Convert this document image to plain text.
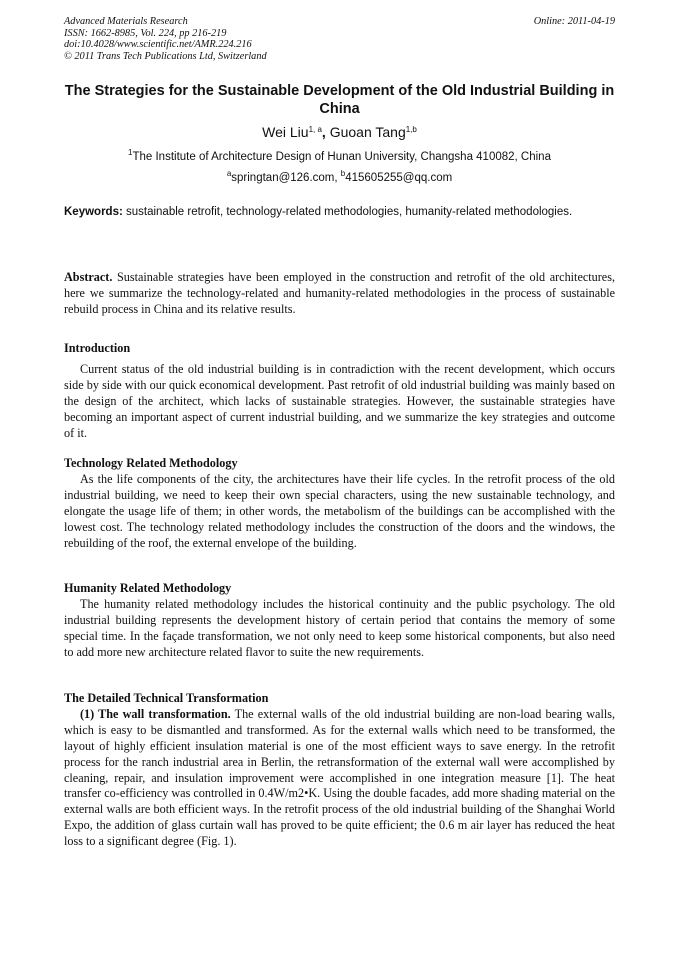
Advanced Materials Research
ISSN: 1662-8985, Vol. 224, pp 216-219
doi:10.4028/www.scientific.net/AMR.224.216
© 2011 Trans Tech Publications Ltd, Switzerland
Online: 2011-04-19
The Strategies for the Sustainable Development of the Old Industrial Building in China
Wei Liu$^{1, a}$, Guoan Tang$^{1,b}$
$^1$The Institute of Architecture Design of Hunan University, Changsha 410082, China
$^a$springtan@126.com, $^b$415605255@qq.com
Keywords: sustainable retrofit, technology-related methodologies, humanity-related methodologies.
Abstract. Sustainable strategies have been employed in the construction and retrofit of the old architectures, here we summarize the technology-related and humanity-related methodologies in the process of sustainable rebuild process in China and its relative results.
Introduction
Current status of the old industrial building is in contradiction with the recent development, which occurs side by side with our quick economical development. Past retrofit of old industrial building was mainly based on the design of the architect, which lacks of sustainable strategies. However, the sustainable strategies have becoming an important aspect of current industrial building, and we summarize the key strategies and outcome of it.
Technology Related Methodology
As the life components of the city, the architectures have their life cycles. In the retrofit process of the old industrial building, we need to keep their own special characters, using the new sustainable technology, and elongate the usage life of them; in other words, the metabolism of the buildings can be accomplished with the lowest cost. The technology related methodology includes the construction of the doors and the windows, the rebuilding of the roof, the external envelope of the building.
Humanity Related Methodology
The humanity related methodology includes the historical continuity and the public psychology. The old industrial building represents the development history of certain period that contains the memory of some special time. In the façade transformation, we not only need to keep some historical components, but also need to add more new architecture related flavor to suite the new requirements.
The Detailed Technical Transformation
(1) The wall transformation. The external walls of the old industrial building are non-load bearing walls, which is easy to be dismantled and transformed. As for the external walls which need to be transformed, the layout of highly efficient insulation material is one of the most efficient ways to save energy. In the retrofit process for the ranch industrial area in Berlin, the retransformation of the external wall were accomplished by cleaning, repair, and insulation improvement were accomplished in one integration measure [1]. The heat transfer co-efficiency was controlled in 0.4W/m2•K. Using the double facades, add more shading material on the external walls are both efficient ways. In the retrofit process of the old industrial building of the Shanghai World Expo, the addition of glass curtain wall has proved to be quite efficient; the 0.6 m air layer has reduced the heat loss to a significant degree (Fig. 1).
